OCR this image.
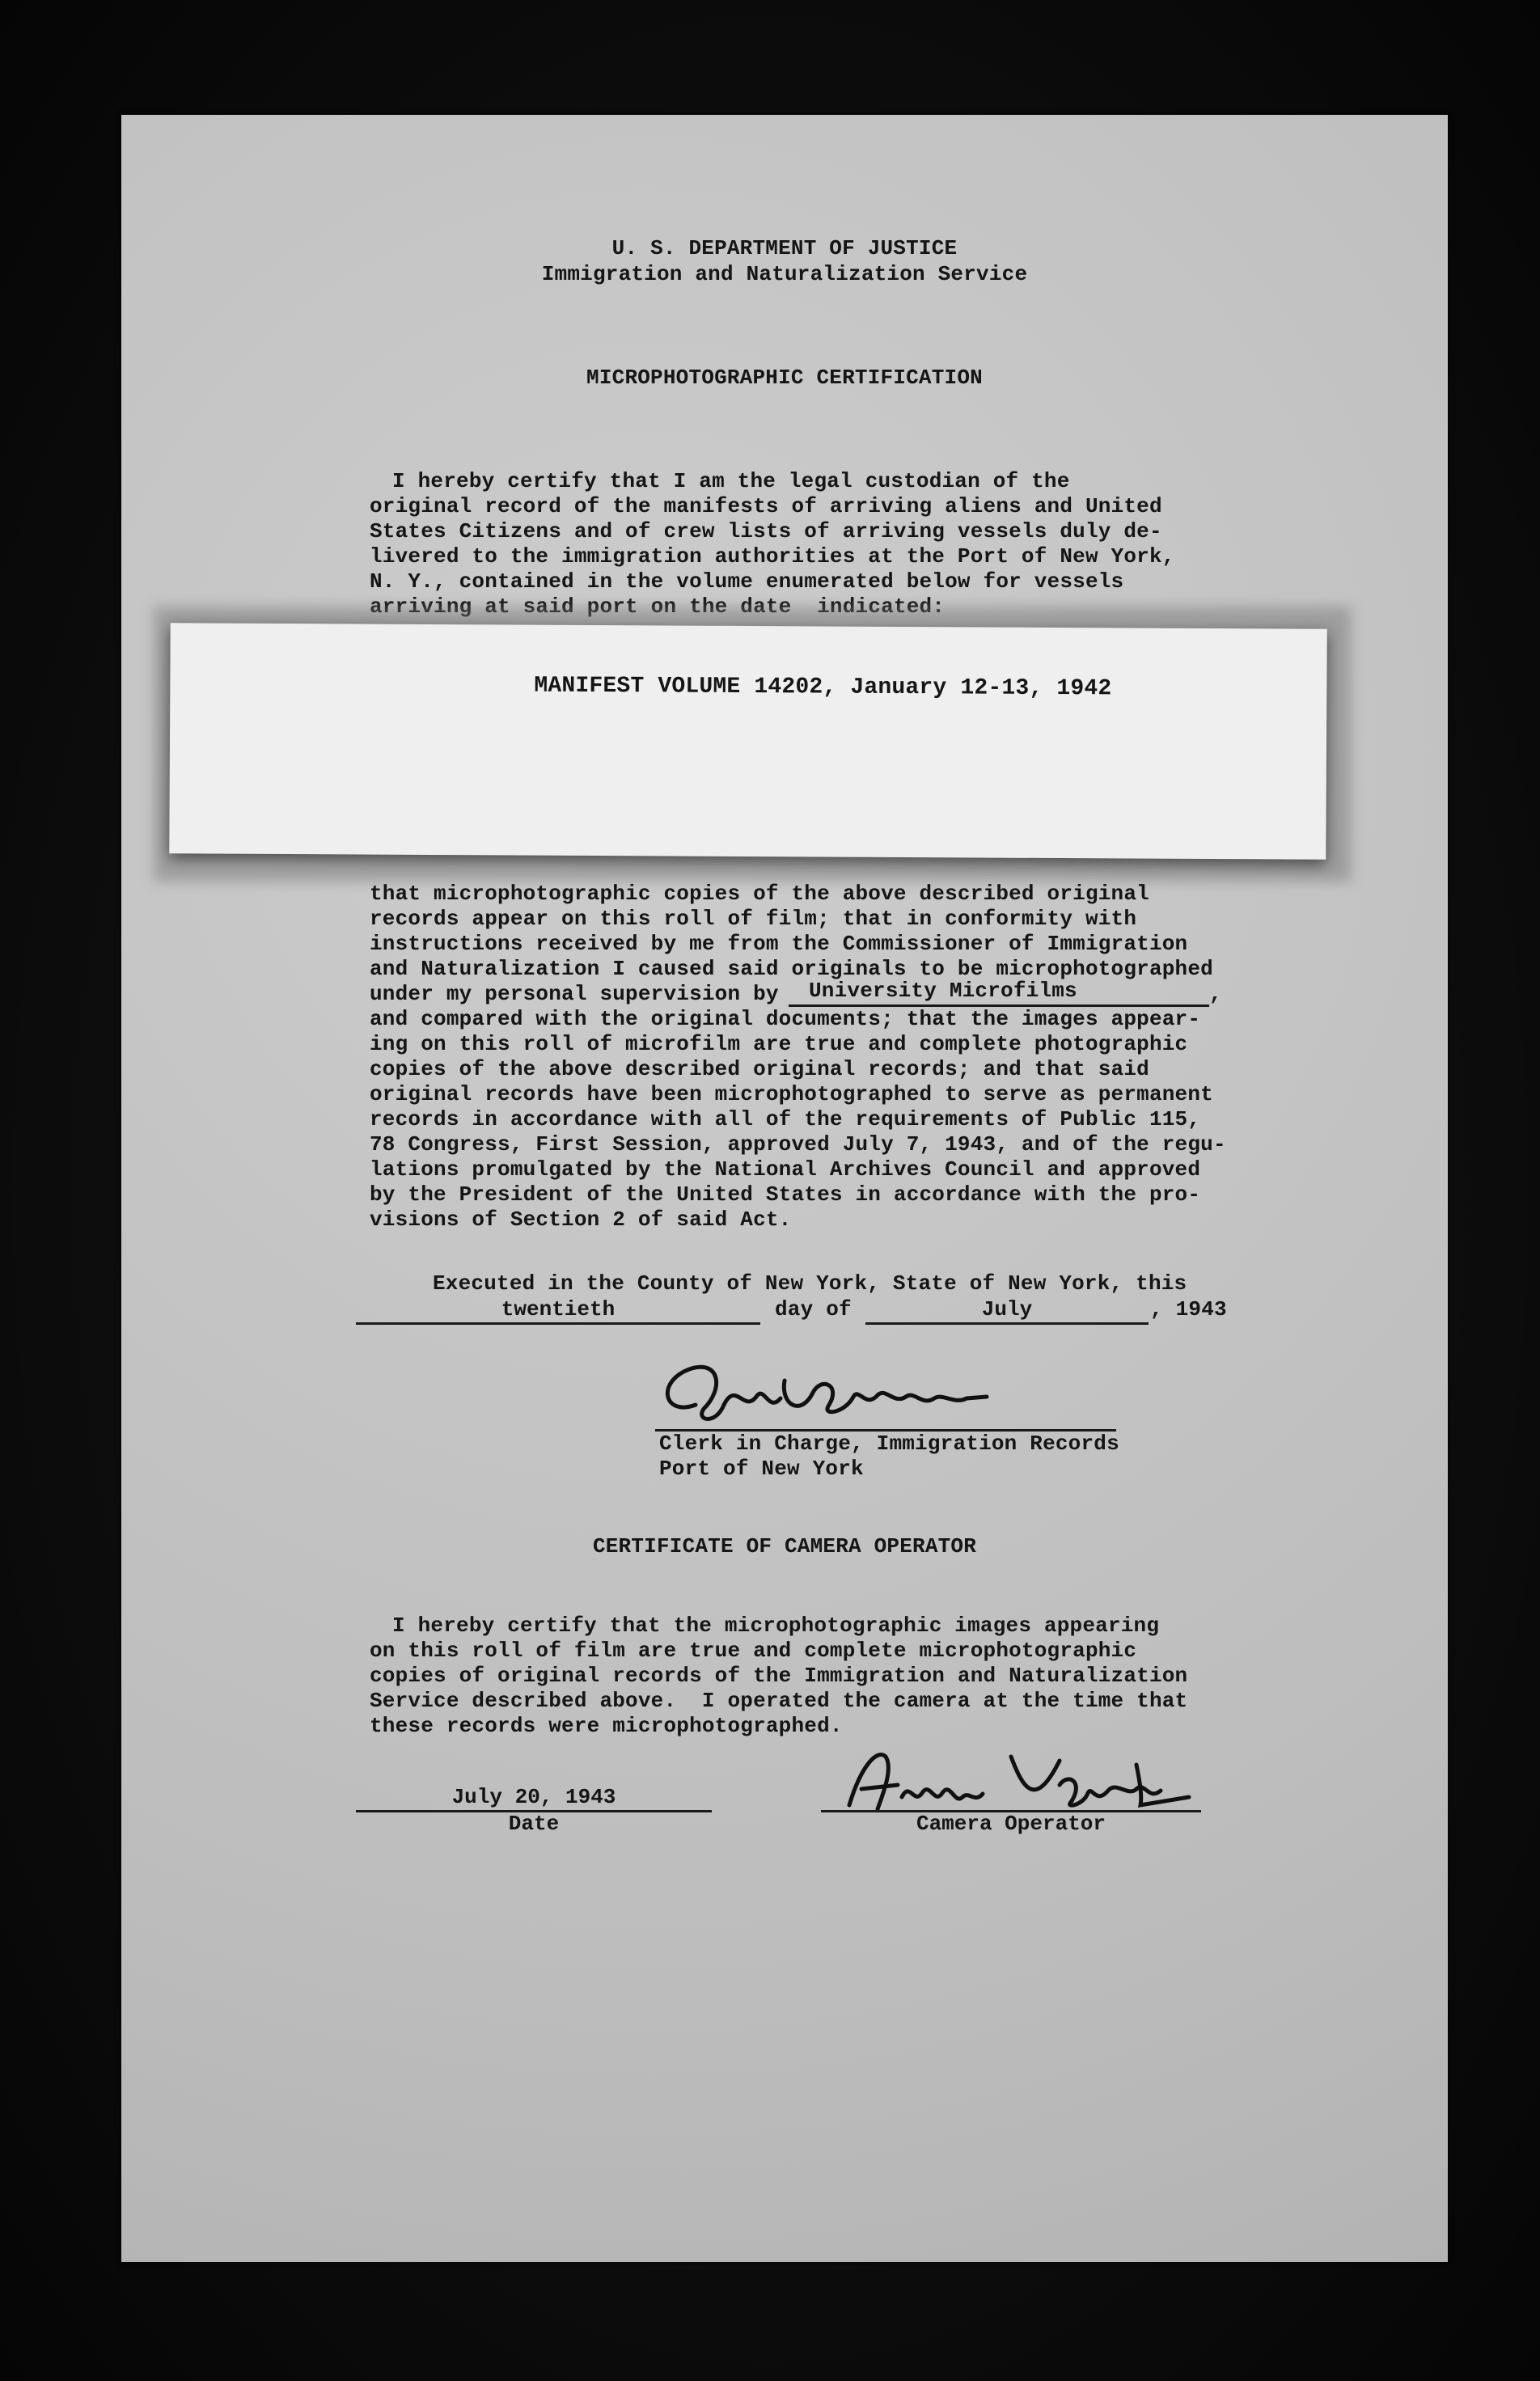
U. S. DEPARTMENT OF JUSTICE
Immigration and Naturalization Service
MICROPHOTOGRAPHIC CERTIFICATION
I hereby certify that I am the legal custodian of the
original record of the manifests of arriving aliens and United
States Citizens and of crew lists of arriving vessels duly de-
livered to the immigration authorities at the Port of New York,
N. Y., contained in the volume enumerated below for vessels
MANIFEST VOLUME 14202, January 12-13, 1942
that microphotographic copies of the above described original
records appear on this roll of film; that in conformity with
instructions received by me from the Commissioner of Immigration
and Naturalization I caused said originals to be microphotographed
under my personal supervision by University Microfilms	,
and compared with the original documents; that the images appear-
ing on this roll of microfilm are true and complete photographic
copies of the above described original records; and that said
original records have been microphotographed to serve as permanent
records in accordance with all of the requirements of Public 115,
78 Congress, First Session, approved July 7, 1943, and of the regu-
lations promulgated by the National Archives Council and approved
by the President of the United States in accordance with the pro-
visions of Section 2 of said Act.
Executed in the County of New York, State of New York, this
twentieth	day of	July	, 1943
Clerk in Charge, Immigration Records
Port of New York
CERTIFICATE OF CAMERA OPERATOR
I hereby certify that the microphotographic images appearing
on this roll of film are true and complete microphotographic
copies of original records of the Immigration and Naturalization
Service described above.  I operated the camera at the time that
these records were microphotographed.
July 20, 1943
Date	Camera Operator
